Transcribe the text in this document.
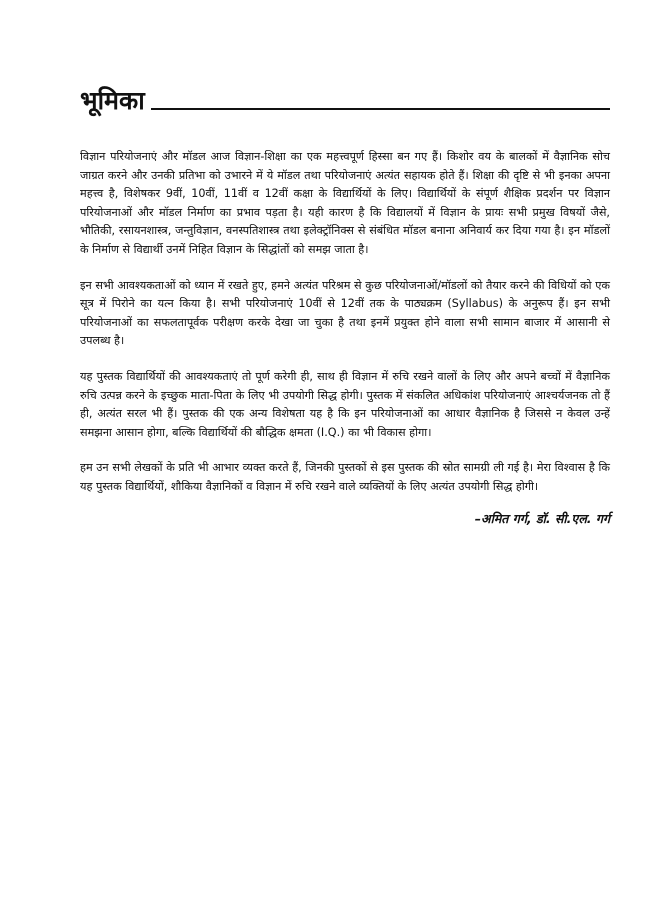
भूमिका

विज्ञान परियोजनाएं और मॉडल आज विज्ञान-शिक्षा का एक महत्त्वपूर्ण हिस्सा बन गए हैं। किशोर वय के बालकों में वैज्ञानिक सोच जाग्रत करने और उनकी प्रतिभा को उभारने में ये मॉडल तथा परियोजनाएं अत्यंत सहायक होते हैं। शिक्षा की दृष्टि से भी इनका अपना महत्त्व है, विशेषकर 9वीं, 10वीं, 11वीं व 12वीं कक्षा के विद्यार्थियों के लिए। विद्यार्थियों के संपूर्ण शैक्षिक प्रदर्शन पर विज्ञान परियोजनाओं और मॉडल निर्माण का प्रभाव पड़ता है। यही कारण है कि विद्यालयों में विज्ञान के प्रायः सभी प्रमुख विषयों जैसे, भौतिकी, रसायनशास्त्र, जन्तुविज्ञान, वनस्पतिशास्त्र तथा इलेक्ट्रॉनिक्स से संबंधित मॉडल बनाना अनिवार्य कर दिया गया है। इन मॉडलों के निर्माण से विद्यार्थी उनमें निहित विज्ञान के सिद्धांतों को समझ जाता है।

इन सभी आवश्यकताओं को ध्यान में रखते हुए, हमने अत्यंत परिश्रम से कुछ परियोजनाओं/मॉडलों को तैयार करने की विधियों को एक सूत्र में पिरोने का यत्न किया है। सभी परियोजनाएं 10वीं से 12वीं तक के पाठ्यक्रम (Syllabus) के अनुरूप हैं। इन सभी परियोजनाओं का सफलतापूर्वक परीक्षण करके देखा जा चुका है तथा इनमें प्रयुक्त होने वाला सभी सामान बाजार में आसानी से उपलब्ध है।

यह पुस्तक विद्यार्थियों की आवश्यकताएं तो पूर्ण करेगी ही, साथ ही विज्ञान में रुचि रखने वालों के लिए और अपने बच्चों में वैज्ञानिक रुचि उत्पन्न करने के इच्छुक माता-पिता के लिए भी उपयोगी सिद्ध होगी। पुस्तक में संकलित अधिकांश परियोजनाएं आश्चर्यजनक तो हैं ही, अत्यंत सरल भी हैं। पुस्तक की एक अन्य विशेषता यह है कि इन परियोजनाओं का आधार वैज्ञानिक है जिससे न केवल उन्हें समझना आसान होगा, बल्कि विद्यार्थियों की बौद्धिक क्षमता (I.Q.) का भी विकास होगा।

हम उन सभी लेखकों के प्रति भी आभार व्यक्त करते हैं, जिनकी पुस्तकों से इस पुस्तक की स्रोत सामग्री ली गई है। मेरा विश्वास है कि यह पुस्तक विद्यार्थियों, शौकिया वैज्ञानिकों व विज्ञान में रुचि रखने वाले व्यक्तियों के लिए अत्यंत उपयोगी सिद्ध होगी।

–अमित गर्ग, डॉ. सी.एल. गर्ग
